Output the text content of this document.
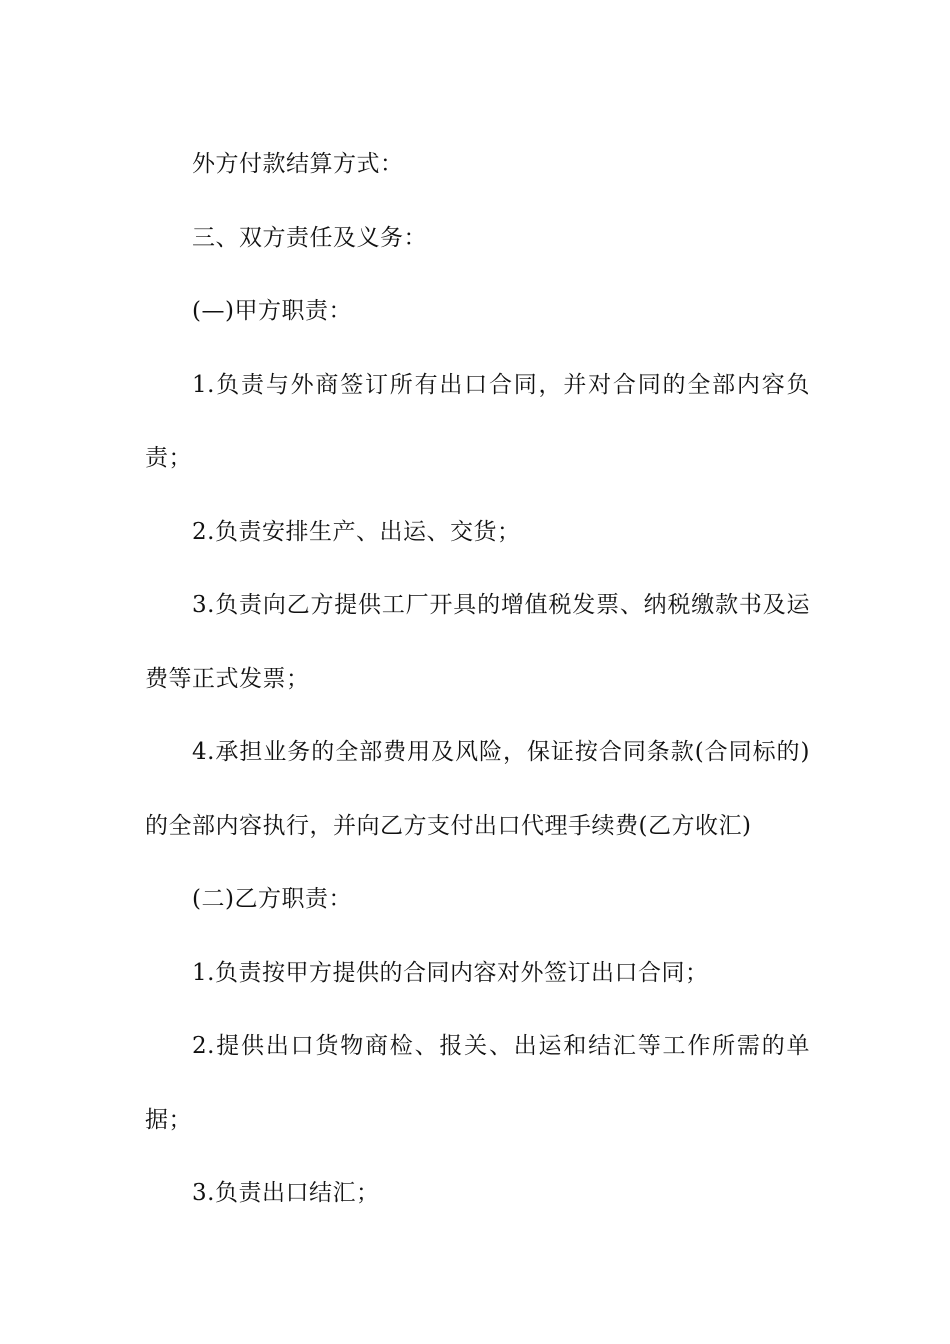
外方付款结算方式：

三、双方责任及义务：

(—)甲方职责：

1.负责与外商签订所有出口合同，并对合同的全部内容负责；

2.负责安排生产、出运、交货；

3.负责向乙方提供工厂开具的增值税发票、纳税缴款书及运费等正式发票；

4.承担业务的全部费用及风险，保证按合同条款(合同标的)的全部内容执行，并向乙方支付出口代理手续费(乙方收汇)

(二)乙方职责：

1.负责按甲方提供的合同内容对外签订出口合同；

2.提供出口货物商检、报关、出运和结汇等工作所需的单据；

3.负责出口结汇；
